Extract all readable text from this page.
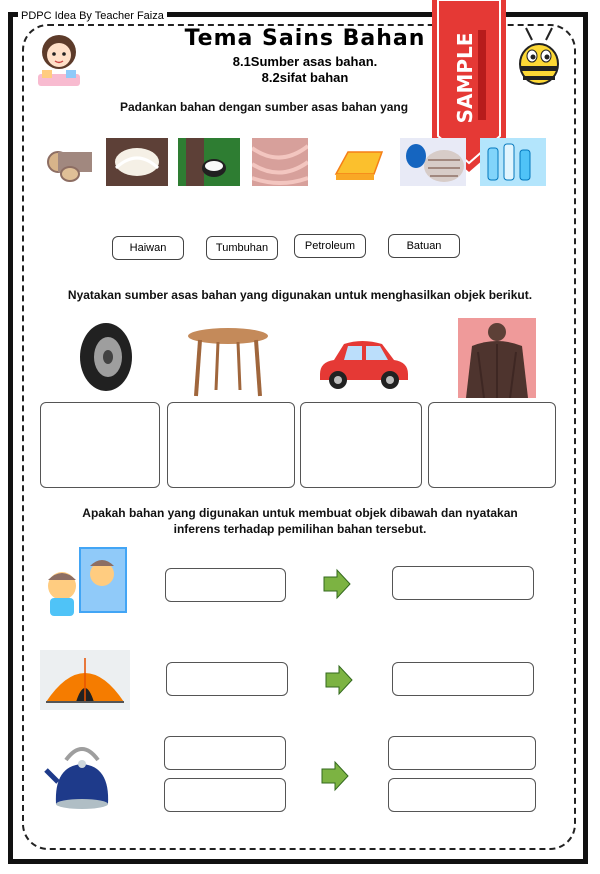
PDPC Idea By Teacher Faiza
Tema Sains Bahan
8.1Sumber asas bahan.
8.2sifat bahan	SAMPLE
Padankan bahan dengan sumber asas bahan yang
Haiwan	Tumbuhan	Petroleum	Batuan
Nyatakan sumber asas bahan yang digunakan untuk menghasilkan objek berikut.
Apakah bahan yang digunakan untuk membuat objek dibawah dan nyatakan
inferens terhadap pemilihan bahan tersebut.
